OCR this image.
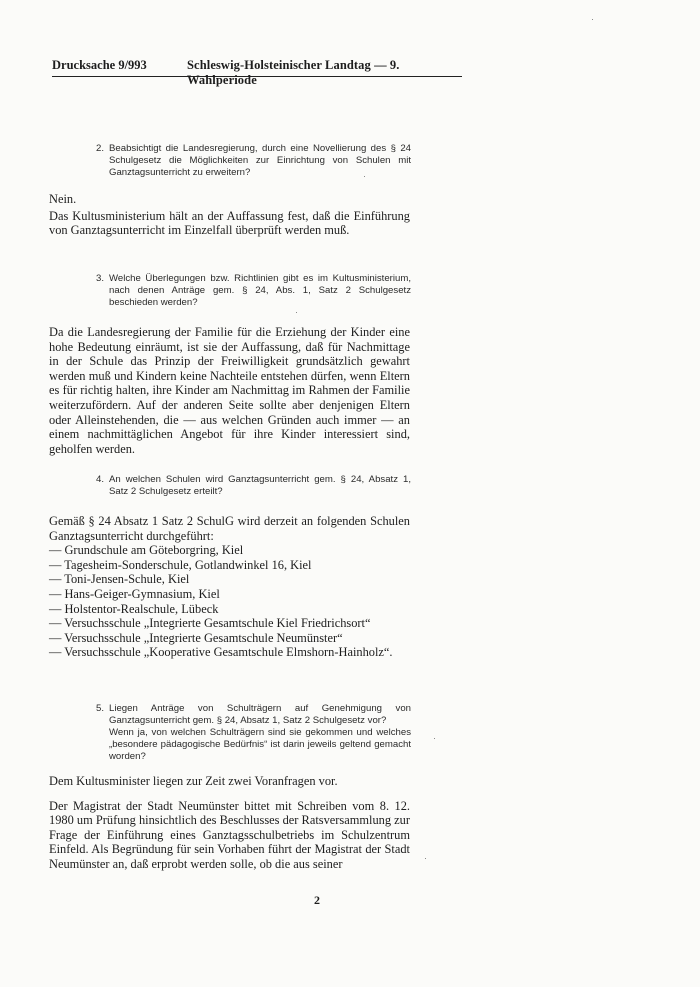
Drucksache 9/993	Schleswig-Holsteinischer Landtag — 9. Wahlperiode
2. Beabsichtigt die Landesregierung, durch eine Novellierung des § 24 Schulgesetz die Möglichkeiten zur Einrichtung von Schulen mit Ganztagsunterricht zu erweitern?

Nein.

Das Kultusministerium hält an der Auffassung fest, daß die Einführung von Ganztagsunterricht im Einzelfall überprüft werden muß.

3. Welche Überlegungen bzw. Richtlinien gibt es im Kultusministerium, nach denen Anträge gem. § 24, Abs. 1, Satz 2 Schulgesetz beschieden werden?

Da die Landesregierung der Familie für die Erziehung der Kinder eine hohe Bedeutung einräumt, ist sie der Auffassung, daß für Nachmittage in der Schule das Prinzip der Freiwilligkeit grundsätzlich gewahrt werden muß und Kindern keine Nachteile entstehen dürfen, wenn Eltern es für richtig halten, ihre Kinder am Nachmittag im Rahmen der Familie weiterzufördern. Auf der anderen Seite sollte aber denjenigen Eltern oder Alleinstehenden, die — aus welchen Gründen auch immer — an einem nachmittäglichen Angebot für ihre Kinder interessiert sind, geholfen werden.

4. An welchen Schulen wird Ganztagsunterricht gem. § 24, Absatz 1, Satz 2 Schulgesetz erteilt?

Gemäß § 24 Absatz 1 Satz 2 SchulG wird derzeit an folgenden Schulen Ganztagsunterricht durchgeführt:

— Grundschule am Göteborgring, Kiel
— Tagesheim-Sonderschule, Gotlandwinkel 16, Kiel
— Toni-Jensen-Schule, Kiel
— Hans-Geiger-Gymnasium, Kiel
— Holstentor-Realschule, Lübeck
— Versuchsschule „Integrierte Gesamtschule Kiel Friedrichsort“
— Versuchsschule „Integrierte Gesamtschule Neumünster“
— Versuchsschule „Kooperative Gesamtschule Elmshorn-Hainholz“.
5. Liegen Anträge von Schulträgern auf Genehmigung von Ganztagsunterricht gem. § 24, Absatz 1, Satz 2 Schulgesetz vor?
Wenn ja, von welchen Schulträgern sind sie gekommen und welches „besondere pädagogische Bedürfnis“ ist darin jeweils geltend gemacht worden?

Dem Kultusminister liegen zur Zeit zwei Voranfragen vor.

Der Magistrat der Stadt Neumünster bittet mit Schreiben vom 8. 12. 1980 um Prüfung hinsichtlich des Beschlusses der Ratsversammlung zur Frage der Einführung eines Ganztagsschulbetriebs im Schulzentrum Einfeld. Als Begründung für sein Vorhaben führt der Magistrat der Stadt Neumünster an, daß erprobt werden solle, ob die aus seiner

2
